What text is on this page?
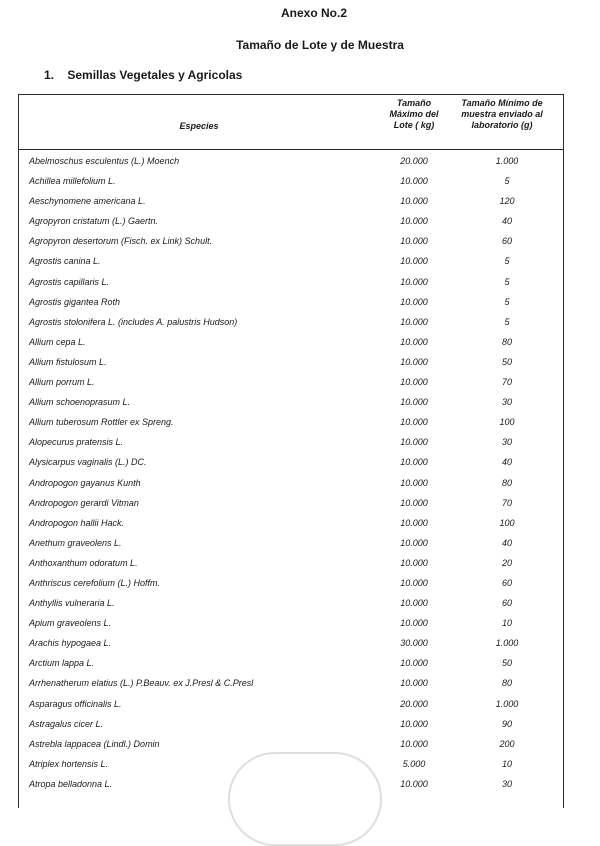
Anexo No.2
Tamaño de Lote y de Muestra
1. Semillas Vegetales y Agricolas
Especies
Tamaño Máximo del Lote ( kg)
Tamaño Mínimo de muestra enviado al laboratorio (g)
Abelmoschus esculentus (L.) Moench	20.000	1.000
Achillea millefolium L.	10.000	5
Aeschynomene americana L.	10.000	120
Agropyron cristatum (L.) Gaertn.	10.000	40
Agropyron desertorum (Fisch. ex Link) Schult.	10.000	60
Agrostis canina L.	10.000	5
Agrostis capillaris L.	10.000	5
Agrostis gigantea Roth	10.000	5
Agrostis stolonifera L. (includes A. palustris Hudson)	10.000	5
Allium cepa L.	10.000	80
Allium fistulosum L.	10.000	50
Allium porrum L.	10.000	70
Allium schoenoprasum L.	10.000	30
Allium tuberosum Rottler ex Spreng.	10.000	100
Alopecurus pratensis L.	10.000	30
Alysicarpus vaginalis (L.) DC.	10.000	40
Andropogon gayanus Kunth	10.000	80
Andropogon gerardi Vitman	10.000	70
Andropogon hallii Hack.	10.000	100
Anethum graveolens L.	10.000	40
Anthoxanthum odoratum L.	10.000	20
Anthriscus cerefolium (L.) Hoffm.	10.000	60
Anthyllis vulneraria L.	10.000	60
Apium graveolens L.	10.000	10
Arachis hypogaea L.	30.000	1.000
Arctium lappa L.	10.000	50
Arrhenatherum elatius (L.) P.Beauv. ex J.Presl & C.Presl	10.000	80
Asparagus officinalis L.	20.000	1.000
Astragalus cicer L.	10.000	90
Astrebla lappacea (Lindl.) Domin	10.000	200
Atriplex hortensis L.	5.000	10
Atropa belladonna L.	10.000	30
